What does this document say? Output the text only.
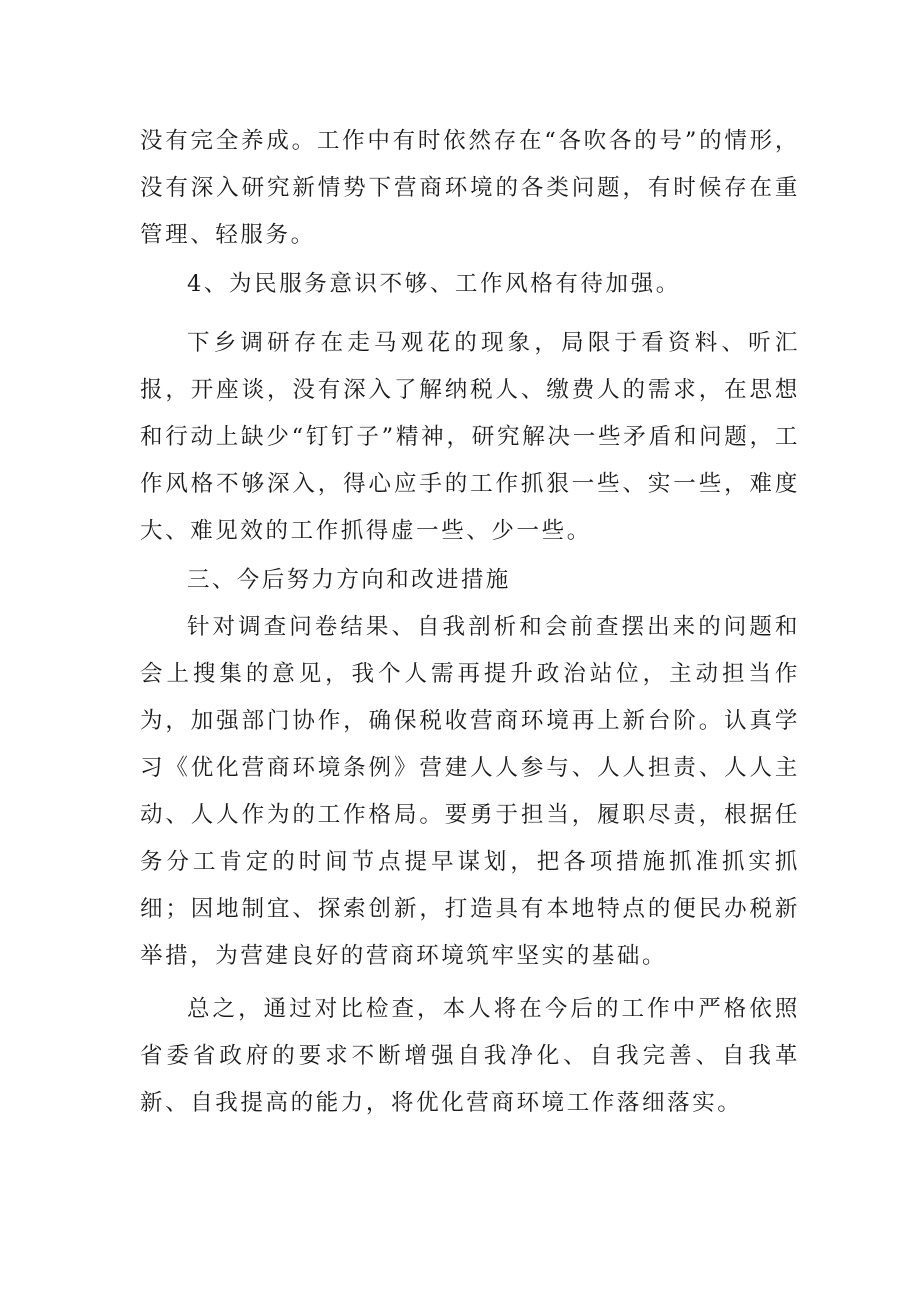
没有完全养成。工作中有时依然存在“各吹各的号”的情形，没有深入研究新情势下营商环境的各类问题，有时候存在重管理、轻服务。

4、为民服务意识不够、工作风格有待加强。

下乡调研存在走马观花的现象，局限于看资料、听汇报，开座谈，没有深入了解纳税人、缴费人的需求，在思想和行动上缺少“钉钉子”精神，研究解决一些矛盾和问题，工作风格不够深入，得心应手的工作抓狠一些、实一些，难度大、难见效的工作抓得虚一些、少一些。

三、今后努力方向和改进措施

针对调查问卷结果、自我剖析和会前查摆出来的问题和会上搜集的意见，我个人需再提升政治站位，主动担当作为，加强部门协作，确保税收营商环境再上新台阶。认真学习《优化营商环境条例》营建人人参与、人人担责、人人主动、人人作为的工作格局。要勇于担当，履职尽责，根据任务分工肯定的时间节点提早谋划，把各项措施抓准抓实抓细；因地制宜、探索创新，打造具有本地特点的便民办税新举措，为营建良好的营商环境筑牢坚实的基础。

总之，通过对比检查，本人将在今后的工作中严格依照省委省政府的要求不断增强自我净化、自我完善、自我革新、自我提高的能力，将优化营商环境工作落细落实。
